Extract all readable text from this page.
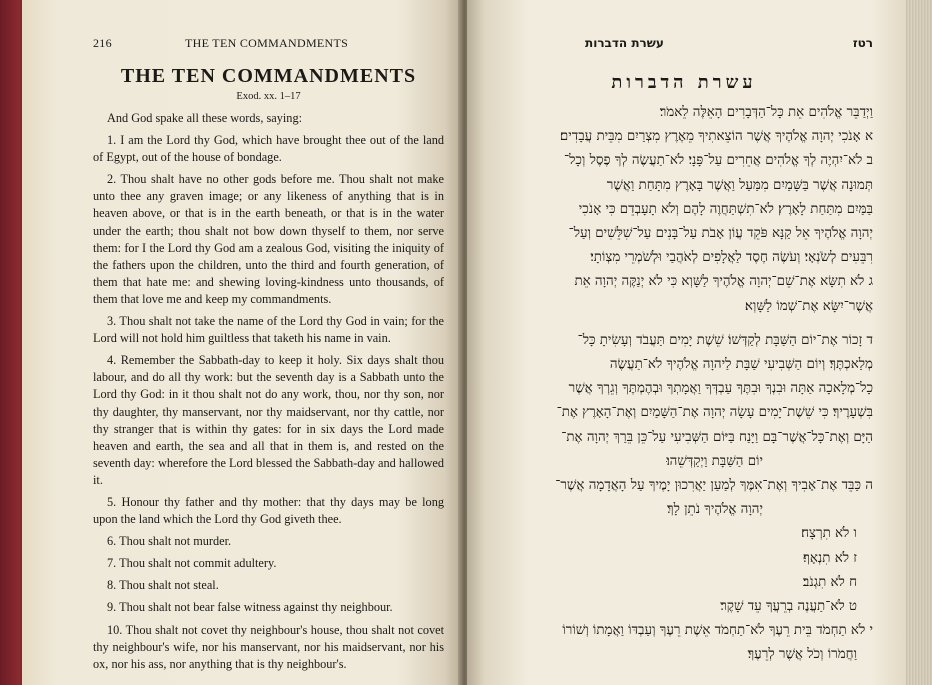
216	THE TEN COMMANDMENTS
THE TEN COMMANDMENTS
Exod. xx. 1–17

And God spake all these words, saying:

1. I am the Lord thy God, which have brought thee out of the land of Egypt, out of the house of bondage.

2. Thou shalt have no other gods before me. Thou shalt not make unto thee any graven image; or any likeness of anything that is in heaven above, or that is in the earth beneath, or that is in the water under the earth; thou shalt not bow down thyself to them, nor serve them: for I the Lord thy God am a zealous God, visiting the iniquity of the fathers upon the children, unto the third and fourth generation, of them that hate me: and shewing loving-kindness unto thousands, of them that love me and keep my commandments.

3. Thou shalt not take the name of the Lord thy God in vain; for the Lord will not hold him guiltless that taketh his name in vain.

4. Remember the Sabbath-day to keep it holy. Six days shalt thou labour, and do all thy work: but the seventh day is a Sabbath unto the Lord thy God: in it thou shalt not do any work, thou, nor thy son, nor thy daughter, thy manservant, nor thy maidservant, nor thy cattle, nor thy stranger that is within thy gates: for in six days the Lord made heaven and earth, the sea and all that in them is, and rested on the seventh day: wherefore the Lord blessed the Sabbath-day and hallowed it.

5. Honour thy father and thy mother: that thy days may be long upon the land which the Lord thy God giveth thee.

6. Thou shalt not murder.

7. Thou shalt not commit adultery.

8. Thou shalt not steal.

9. Thou shalt not bear false witness against thy neighbour.

10. Thou shalt not covet thy neighbour's house, thou shalt not covet thy neighbour's wife, nor his manservant, nor his maidservant, nor his ox, nor his ass, nor anything that is thy neighbour's.

רטז
עשרת הדברות
עשרת הדברות

וַיְדַבֵּר אֱלֹהִים אֵת כָּל־הַדְּבָרִים הָאֵלֶּה לֵאמֹר׃

א אָנֹכִי יְהוָה אֱלֹהֶיךָ אֲשֶׁר הוֹצֵאתִיךָ מֵאֶרֶץ מִצְרַיִם מִבֵּית עֲבָדִים׃

ב לֹא־יִהְיֶה לְךָ אֱלֹהִים אֲחֵרִים עַל־פָּנָי׃ לֹא־תַעֲשֶׂה לְךָ פֶסֶל וְכָל־

תְּמוּנָה אֲשֶׁר בַּשָּׁמַיִם מִמַּעַל וַאֲשֶׁר בָּאָרֶץ מִתָּחַת וַאֲשֶׁר

בַּמַּיִם מִתַּחַת לָאָרֶץ׃ לֹא־תִשְׁתַּחֲוֶה לָהֶם וְלֹא תָעָבְדֵם כִּי אָנֹכִי

יְהוָה אֱלֹהֶיךָ אֵל קַנָּא פֹּקֵד עֲוֹן אָבֹת עַל־בָּנִים עַל־שִׁלֵּשִׁים וְעַל־

רִבֵּעִים לְשֹׂנְאָי׃ וְעֹשֶׂה חֶסֶד לַאֲלָפִים לְאֹהֲבַי וּלְשֹׁמְרֵי מִצְוֹתָי׃

ג לֹא תִשָּׂא אֶת־שֵׁם־יְהוָה אֱלֹהֶיךָ לַשָּׁוְא כִּי לֹא יְנַקֶּה יְהוָה אֵת

אֲשֶׁר־יִשָּׂא אֶת־שְׁמוֹ לַשָּׁוְא׃

ד זָכוֹר אֶת־יוֹם הַשַּׁבָּת לְקַדְּשׁוֹ׃ שֵׁשֶׁת יָמִים תַּעֲבֹד וְעָשִׂיתָ כָּל־

מְלַאכְתֶּךָ׃ וְיוֹם הַשְּׁבִיעִי שַׁבָּת לַיהוָה אֱלֹהֶיךָ לֹא־תַעֲשֶׂה

כָל־מְלָאכָה אַתָּה וּבִנְךָ וּבִתֶּךָ עַבְדְּךָ וַאֲמָתְךָ וּבְהֶמְתֶּךָ וְגֵרְךָ אֲשֶׁר

בִּשְׁעָרֶיךָ׃ כִּי שֵׁשֶׁת־יָמִים עָשָׂה יְהוָה אֶת־הַשָּׁמַיִם וְאֶת־הָאָרֶץ אֶת־

הַיָּם וְאֶת־כָּל־אֲשֶׁר־בָּם וַיָּנַח בַּיּוֹם הַשְּׁבִיעִי עַל־כֵּן בֵּרַךְ יְהוָה אֶת־

יוֹם הַשַּׁבָּת וַיְקַדְּשֵׁהוּ׃

ה כַּבֵּד אֶת־אָבִיךָ וְאֶת־אִמֶּךָ לְמַעַן יַאֲרִכוּן יָמֶיךָ עַל הָאֲדָמָה אֲשֶׁר־

יְהוָה אֱלֹהֶיךָ נֹתֵן לָךְ׃

ו לֹא תִרְצָח׃

ז לֹא תִנְאָף׃

ח לֹא תִגְנֹב׃

ט לֹא־תַעֲנֶה בְרֵעֲךָ עֵד שָׁקֶר׃

י לֹא תַחְמֹד בֵּית רֵעֶךָ לֹא־תַחְמֹד אֵשֶׁת רֵעֶךָ וְעַבְדּוֹ וַאֲמָתוֹ וְשׁוֹרוֹ

וַחֲמֹרוֹ וְכֹל אֲשֶׁר לְרֵעֶךָ׃
